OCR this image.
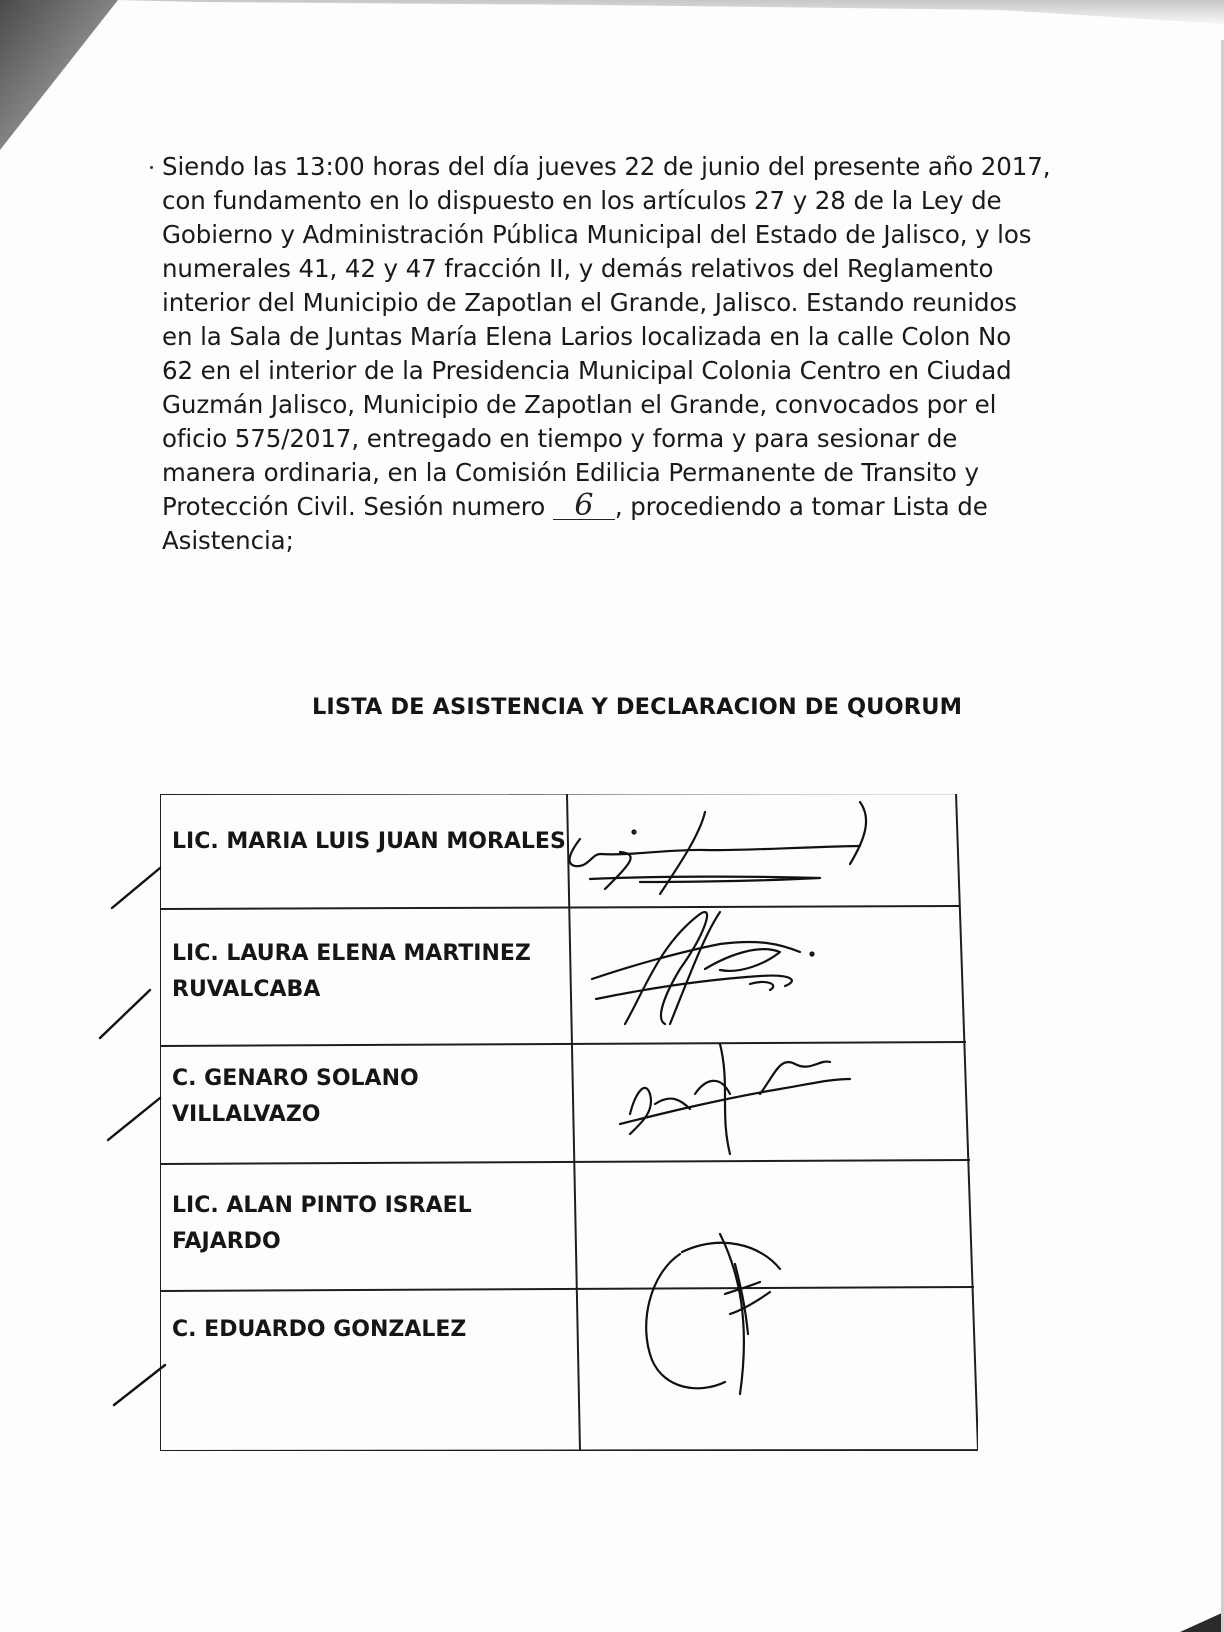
Siendo las 13:00 horas del día jueves 22 de junio del presente año 2017,
con fundamento en lo dispuesto en los artículos 27 y 28 de la Ley de
Gobierno y Administración Pública Municipal del Estado de Jalisco, y los
numerales 41, 42 y 47 fracción II, y demás relativos del Reglamento
interior del Municipio de Zapotlan el Grande, Jalisco. Estando reunidos
en la Sala de Juntas María Elena Larios localizada en la calle Colon No
62 en el interior de la Presidencia Municipal Colonia Centro en Ciudad
Guzmán Jalisco, Municipio de Zapotlan el Grande, convocados por el
oficio 575/2017, entregado en tiempo y forma y para sesionar de
manera ordinaria, en la Comisión Edilicia Permanente de Transito y
Protección Civil. Sesión numero 6 , procediendo a tomar Lista de
Asistencia;

LISTA DE ASISTENCIA Y DECLARACION DE QUORUM
LIC. MARIA LUIS JUAN MORALES
LIC. LAURA ELENA MARTINEZ
RUVALCABA
C. GENARO SOLANO
VILLALVAZO
LIC. ALAN PINTO ISRAEL
FAJARDO
C. EDUARDO GONZALEZ
